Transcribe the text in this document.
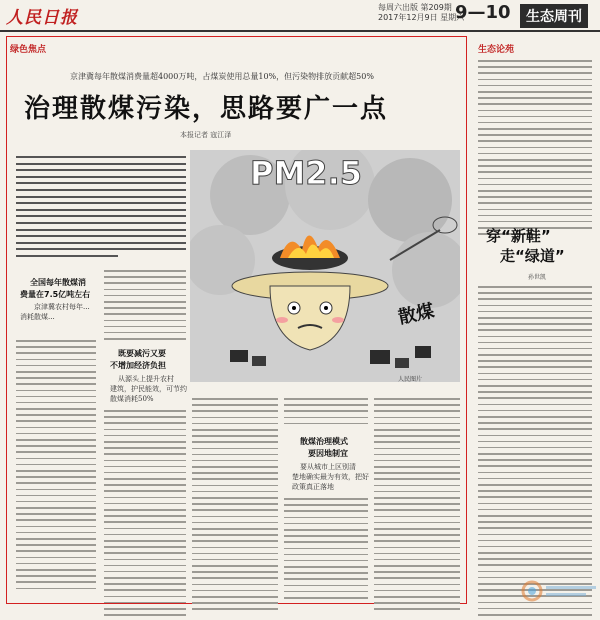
人民日报
每周六出版 第209期
2017年12月9日 星期六
9—10	生态周刊
绿色焦点
京津冀每年散煤消费量超4000万吨，占煤炭使用总量10%，但污染物排放贡献超50%
治理散煤污染，思路要广一点
本报记者 寇江泽
PM2.5
散煤
人民图片
全国每年散煤消
费量在7.5亿吨左右
京津冀农村每年...
消耗散煤...
既要减污又要
不增加经济负担
从源头上提升农村
建筑，护民能效，可节约
散煤消耗50%
散煤治理模式
要因地制宜
要从城市上区别清
楚地确实最为有效，把好
政策真正落地
生态论苑
穿“新鞋”
走“绿道”
孙世凯
